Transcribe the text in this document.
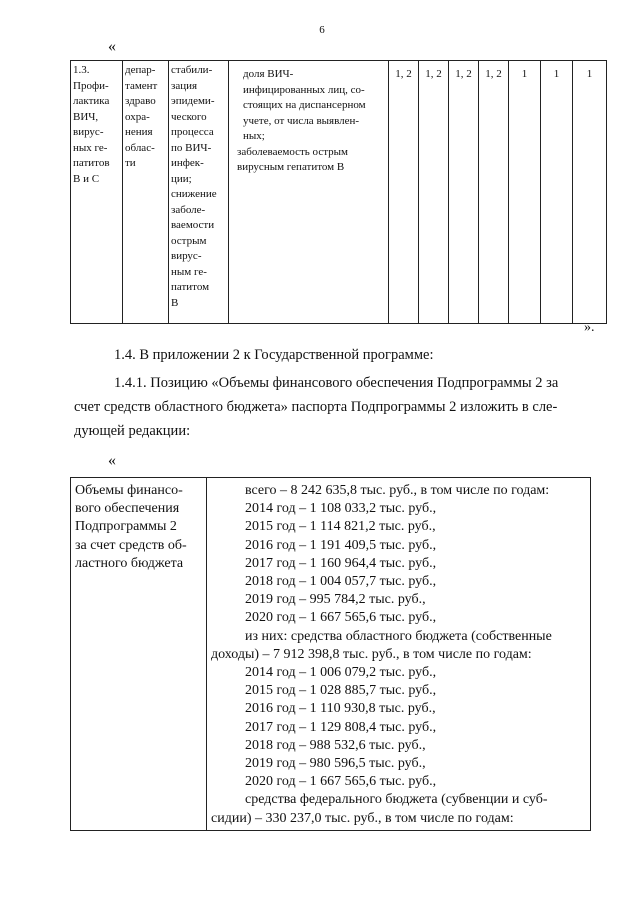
6
«
1.3.
Профи-
лактика
ВИЧ,
вирус-
ных ге-
патитов
В и С

депар-
тамент
здраво
охра-
нения
облас-
ти

стабили-
зация
эпидеми-
ческого
процесса
по ВИЧ-
инфек-
ции;
снижение
заболе-
ваемости
острым
вирус-
ным ге-
патитом
В

доля ВИЧ-
инфицированных лиц, со-
стоящих на диспансерном
учете, от числа выявлен-
ных;
заболеваемость острым
вирусным гепатитом В
	1, 2	1, 2	1, 2	1, 2	1	1	1
».
1.4. В приложении 2 к Государственной программе:
1.4.1. Позицию «Объемы финансового обеспечения Подпрограммы 2 за
счет средств областного бюджета» паспорта Подпрограммы 2 изложить в сле-
дующей редакции:
«
Объемы финансо-
вого обеспечения
Подпрограммы 2
за счет средств об-
ластного бюджета

всего – 8 242 635,8 тыс. руб., в том числе по годам:
2014 год – 1 108 033,2 тыс. руб.,
2015 год – 1 114 821,2 тыс. руб.,
2016 год – 1 191 409,5 тыс. руб.,
2017 год – 1 160 964,4 тыс. руб.,
2018 год – 1 004 057,7 тыс. руб.,
2019 год – 995 784,2 тыс. руб.,
2020 год – 1 667 565,6 тыс. руб.,
из них: средства областного бюджета (собственные
доходы) – 7 912 398,8 тыс. руб., в том числе по годам:
2014 год – 1 006 079,2 тыс. руб.,
2015 год – 1 028 885,7 тыс. руб.,
2016 год – 1 110 930,8 тыс. руб.,
2017 год – 1 129 808,4 тыс. руб.,
2018 год – 988 532,6 тыс. руб.,
2019 год – 980 596,5 тыс. руб.,
2020 год – 1 667 565,6 тыс. руб.,
средства федерального бюджета (субвенции и суб-
сидии) – 330 237,0 тыс. руб., в том числе по годам:
